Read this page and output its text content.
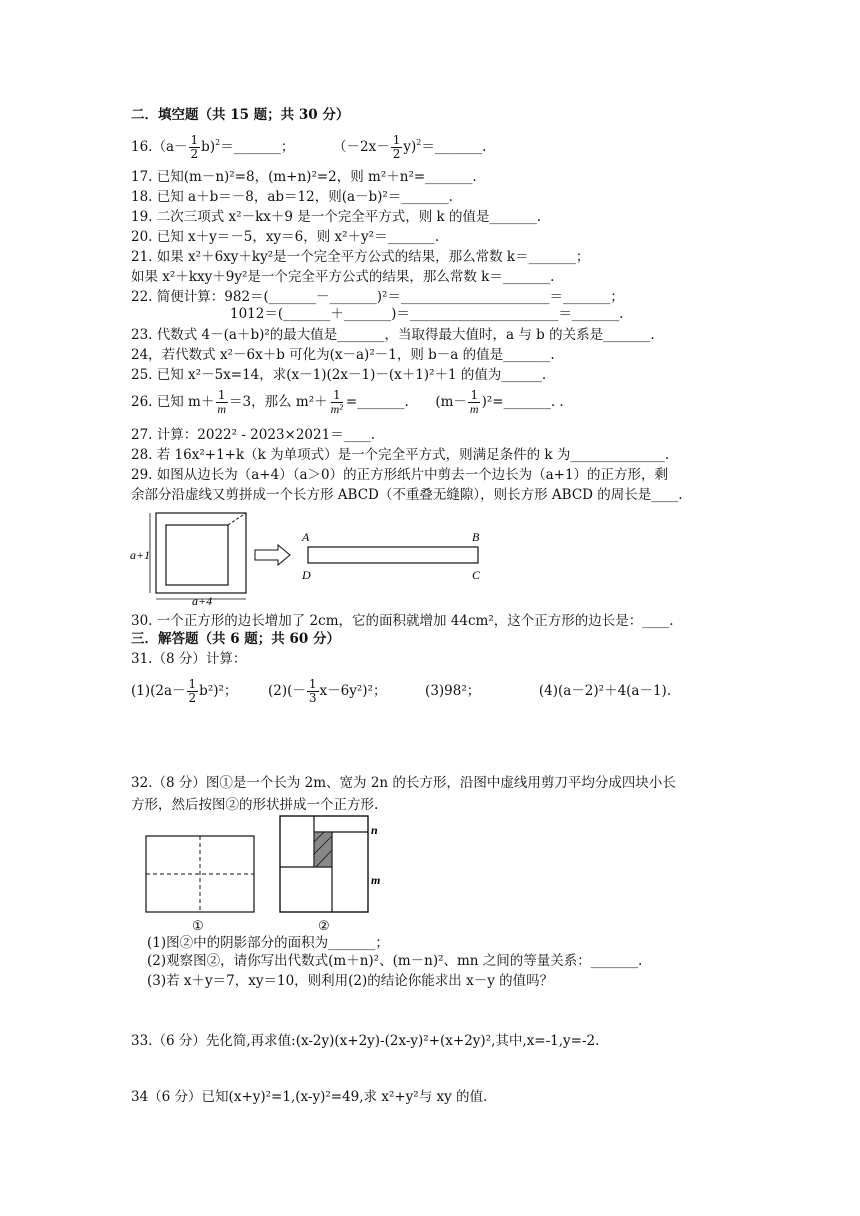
二．填空题（共 15 题；共 30 分）
$16.(a- \frac{1}{2}$ b)$^2$＝_______；	（$-2x- \frac{1}{2}$ y)$^2$＝_______.
17. 已知(m－n)²=8，(m+n)²=2，则 m²＋n²=_______.
18. 已知 a＋b＝－8，ab＝12，则(a－b)²＝_______.
19. 二次三项式 x²－kx＋9 是一个完全平方式，则 k 的值是_______.
20. 已知 x＋y＝－5，xy＝6，则 x²＋y²＝_______.
21. 如果 x²＋6xy＋ky²是一个完全平方公式的结果，那么常数 k＝_______；
如果 x²＋kxy＋9y²是一个完全平方公式的结果，那么常数 k＝_______.
22. 简便计算：982＝(_______－_______)²＝______________________＝_______；
1012＝(_______＋_______)＝______________________＝_______.
23. 代数式 4－(a＋b)²的最大值是_______，当取得最大值时，a 与 b 的关系是_______.
24，若代数式 x²－6x＋b 可化为(x－a)²－1，则 b－a 的值是_______.
25. 已知 x²－5x=14，求(x－1)(2x－1)－(x＋1)²＋1 的值为______.
26. 已知 $m+ \frac{1}{m} =3$，那么 $m^2+ \frac{1}{\text{m²}}$ =_______. ($m- \frac{1}{m}$ )²=_______. .
27. 计算：2022² - 2023×2021＝____.
28. 若 16x²+1+k（k 为单项式）是一个完全平方式，则满足条件的 k 为______________.
29. 如图从边长为（a+4）（a＞0）的正方形纸片中剪去一个边长为（a+1）的正方形，剩
余部分沿虚线又剪拼成一个长方形 ABCD（不重叠无缝隙），则长方形 ABCD 的周长是____.
a+1
a+4
A	B
D	C
30. 一个正方形的边长增加了 2cm，它的面积就增加 44cm²，这个正方形的边长是：____.
三．解答题（共 6 题；共 60 分）
31.（8 分）计算：
$(1)(2a- \frac{1}{2} b^2)^2$； $(2)(- \frac{1}{3} x-6y^2)^2$；	(3)98²；	(4)(a－2)²＋4(a－1).
32.（8 分）图①是一个长为 2m、宽为 2n 的长方形，沿图中虚线用剪刀平均分成四块小长
方形，然后按图②的形状拼成一个正方形.
①
n
m
②
(1)图②中的阴影部分的面积为_______；
(2)观察图②，请你写出代数式(m＋n)²、(m－n)²、mn 之间的等量关系：_______.
(3)若 x＋y＝7，xy＝10，则利用(2)的结论你能求出 x－y 的值吗？
33.（6 分）先化简,再求值:(x-2y)(x+2y)-(2x-y)²+(x+2y)²,其中,x=-1,y=-2.
34（6 分）已知(x+y)²=1,(x-y)²=49,求 x²+y²与 xy 的值.
